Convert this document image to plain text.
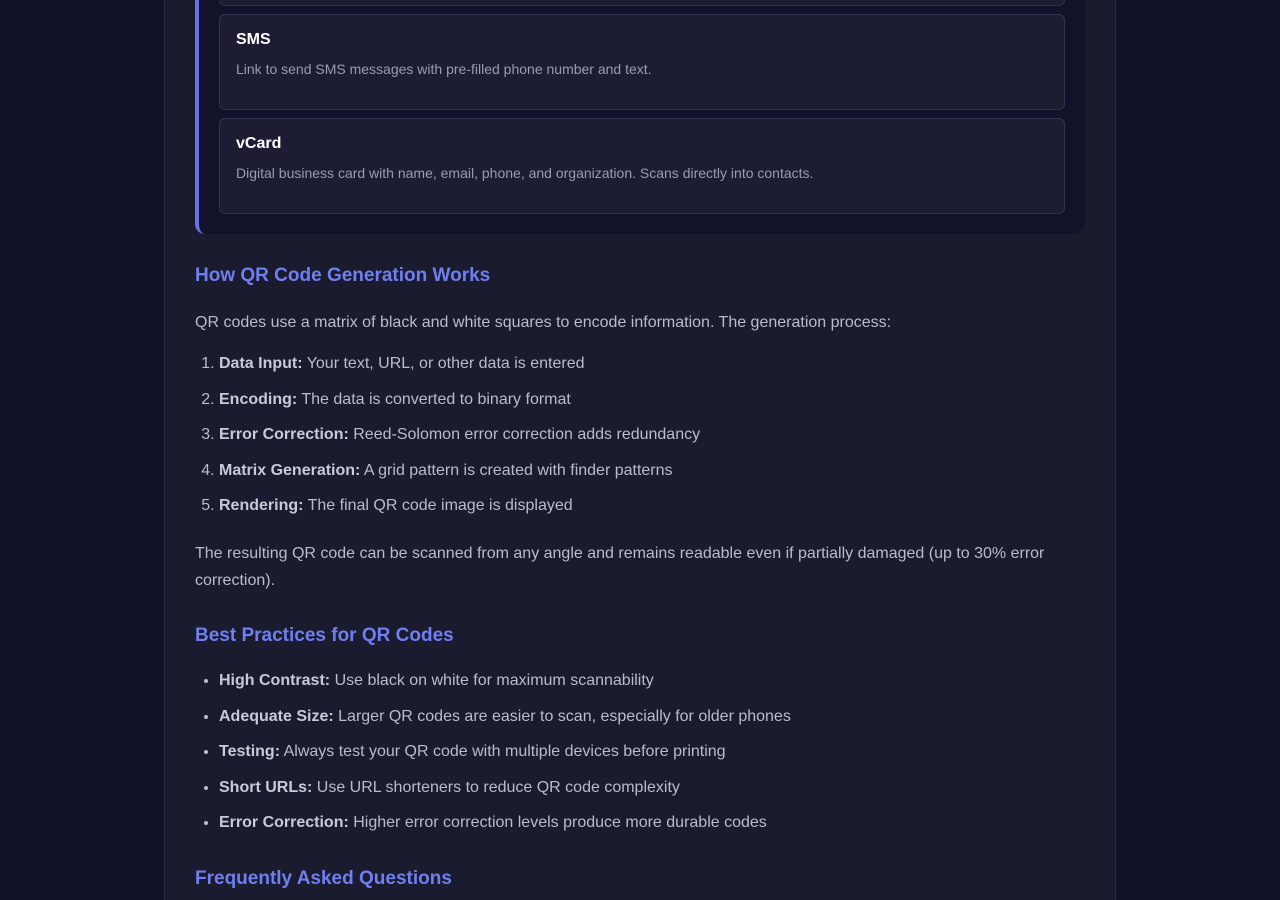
SMS
Link to send SMS messages with pre-filled phone number and text.
vCard
Digital business card with name, email, phone, and organization. Scans directly into contacts.
How QR Code Generation Works

QR codes use a matrix of black and white squares to encode information. The generation process:

1. Data Input: Your text, URL, or other data is entered
2. Encoding: The data is converted to binary format
3. Error Correction: Reed-Solomon error correction adds redundancy
4. Matrix Generation: A grid pattern is created with finder patterns
5. Rendering: The final QR code image is displayed

The resulting QR code can be scanned from any angle and remains readable even if partially damaged (up to 30% error correction).

Best Practices for QR Codes
• High Contrast: Use black on white for maximum scannability
• Adequate Size: Larger QR codes are easier to scan, especially for older phones
• Testing: Always test your QR code with multiple devices before printing
• Short URLs: Use URL shorteners to reduce QR code complexity
• Error Correction: Higher error correction levels produce more durable codes
Frequently Asked Questions
